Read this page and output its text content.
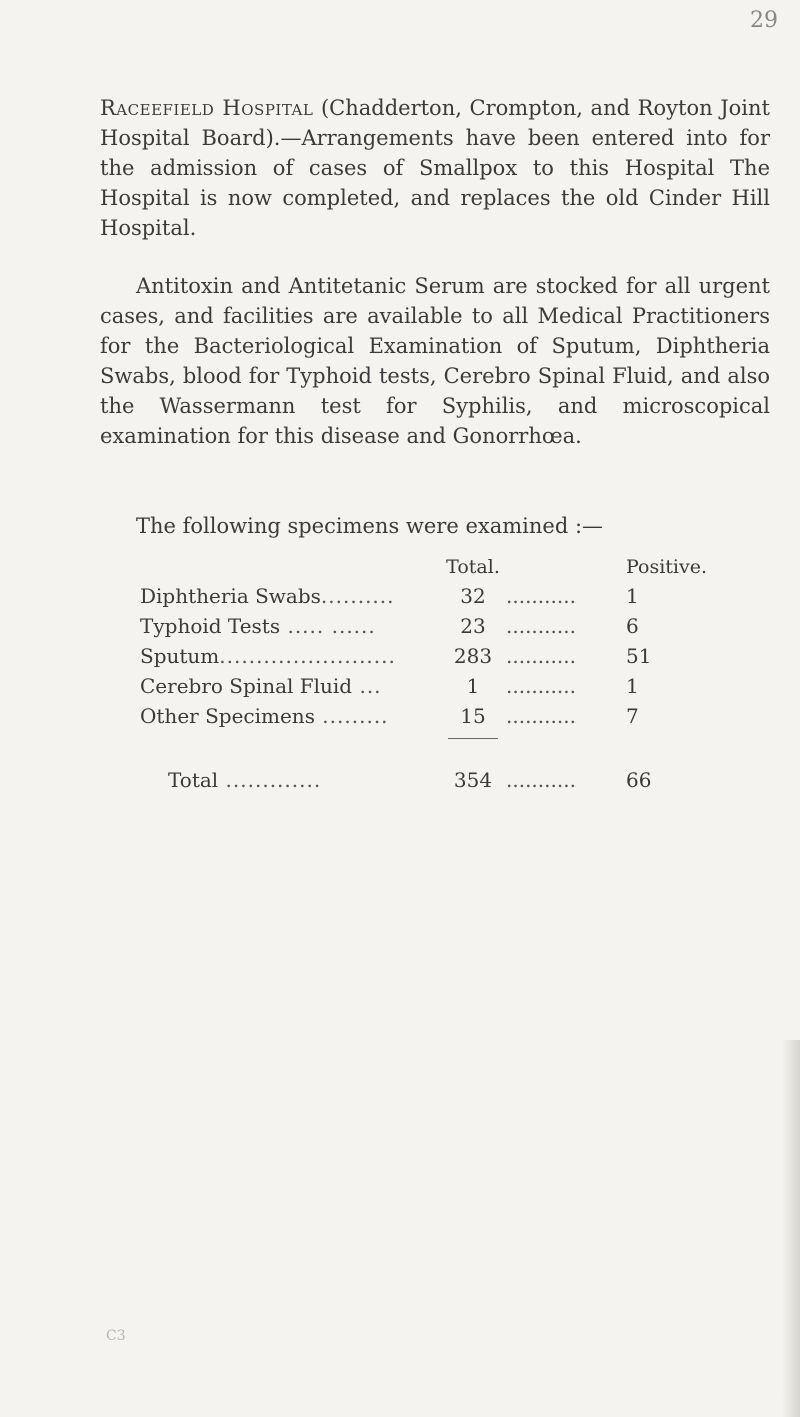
29

Raceefield Hospital (Chadderton, Crompton, and Royton Joint Hospital Board).—Arrangements have been entered into for the admission of cases of Smallpox to this Hospital The Hospital is now completed, and replaces the old Cinder Hill Hospital.

Antitoxin and Antitetanic Serum are stocked for all urgent cases, and facilities are available to all Medical Practitioners for the Bacteriological Examination of Sputum, Diphtheria Swabs, blood for Typhoid tests, Cerebro Spinal Fluid, and also the Wassermann test for Syphilis, and microscopical examination for this disease and Gonorrhœa.

The following specimens were examined :—
	Total.		Positive.
Diphtheria Swabs..........	32	...........	1
Typhoid Tests ..... ......	23	...........	6
Sputum........................	283	...........	51
Cerebro Spinal Fluid ...	1	...........	1
Other Specimens .........	15	...........	7

Total .............	354	...........	66
C3
